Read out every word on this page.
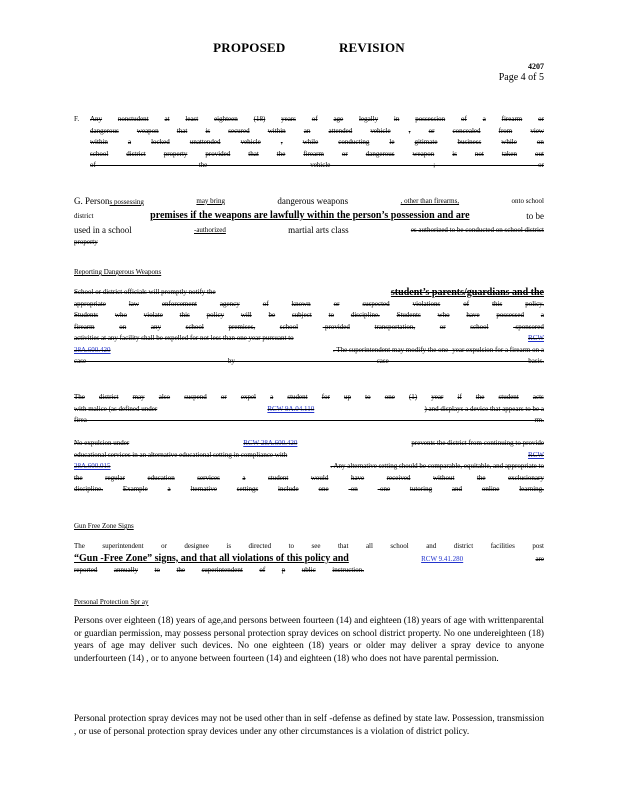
PROPOSED REVISION
4207
Page 4 of 5
F. Any nonstudent at least eighteen (18) years of age legally in possession of a firearm or
dangerous	weapon	that	is	secured	within	an	attended	vehicle	,	or	concealed	from	view
within	a	locked	unattended	vehicle	,	while	conducting	le	gitimate	business	while	on
school	district	property	provided	that	the	firearm	or	dangerous	weapon	is	not	taken	out
of the vehicle ; or
G. Persons possessing	may bring	dangerous weapons	, other than firearms,	onto school
district	premises if the weapons are lawfully within the person’s possession and are	to be
used in a school	-authorized	martial arts class	es authorized to be conducted on school district
property
Reporting Dangerous Weapons
School or district officials will promptly notify the	student’s parents/guardians and the
appropriate	law	enforcement	agency	of	known	or	suspected	violations	of	this	policy.
Students who violate this policy will be subject to discipline. Students who have possessed a
firearm	on	any	school	premises,	school	-provided	transportation,	or	school	-sponsored
activities at any facility shall be expelled for not less than one year pursuant to	RCW
28A.600.420	. The superintendent may modify the one -year expulsion for a firearm on a
case -by -case basis.
The district may also suspend or expel a student for up to one (1) year if the student acts
with malice (as defined under	RCW 9A.04.110	) and displays a device that appears to be a
firea rm.
No expulsion under	RCW 28A.600.420	prevents the district from continuing to provide
educational services in an alternative educational setting in compliance with	RCW
28A.600.015	. Any alternative setting should be comparable, equitable, and appropriate to
the	regular	education	services	a	student	would	have	received	without	the	exclusionary
discipline.	Example	a	lternative	settings	include	one	-on	-one	tutoring	and	online	learning.
Gun Free Zone Signs
The superintendent or designee is directed to see that all school and district facilities post
“Gun -Free Zone” signs, and that all violations of this policy and	RCW 9.41.280	are
reported annually to the superintendent of p ublic instruction.
Personal Protection Spr ay
Persons over eighteen (18) years of age,and persons between fourteen (14) and eighteen (18) years of age with writtenparental or guardian permission, may possess personal protection spray devices on school district property. No one undereighteen (18) years of age may deliver such devices. No one eighteen (18) years or older may deliver a spray device to anyone underfourteen (14) , or to anyone between fourteen (14) and eighteen (18) who does not have parental permission.
Personal protection spray devices may not be used other than in self -defense as defined by state law. Possession, transmission , or use of personal protection spray devices under any other circumstances is a violation of district policy.
